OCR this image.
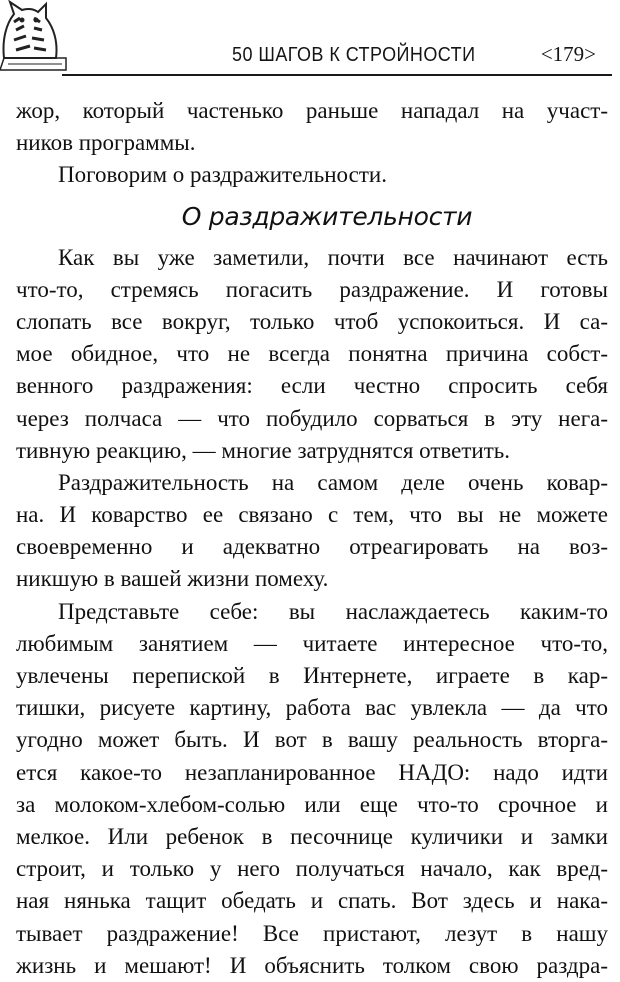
50 ШАГОВ К СТРОЙНОСТИ	<179>
жор, который частенько раньше нападал на участ-
ников программы.
Поговорим о раздражительности.
О раздражительности
Как вы уже заметили, почти все начинают есть
что-то, стремясь погасить раздражение. И готовы
слопать все вокруг, только чтоб успокоиться. И са-
мое обидное, что не всегда понятна причина собст-
венного раздражения: если честно спросить себя
через полчаса — что побудило сорваться в эту нега-
тивную реакцию, — многие затруднятся ответить.
Раздражительность на самом деле очень ковар-
на. И коварство ее связано с тем, что вы не можете
своевременно и адекватно отреагировать на воз-
никшую в вашей жизни помеху.
Представьте себе: вы наслаждаетесь каким-то
любимым занятием — читаете интересное что-то,
увлечены перепиской в Интернете, играете в кар-
тишки, рисуете картину, работа вас увлекла — да что
угодно может быть. И вот в вашу реальность вторга-
ется какое-то незапланированное НАДО: надо идти
за молоком-хлебом-солью или еще что-то срочное и
мелкое. Или ребенок в песочнице куличики и замки
строит, и только у него получаться начало, как вред-
ная нянька тащит обедать и спать. Вот здесь и нака-
тывает раздражение! Все пристают, лезут в нашу
жизнь и мешают! И объяснить толком свою раздра-
